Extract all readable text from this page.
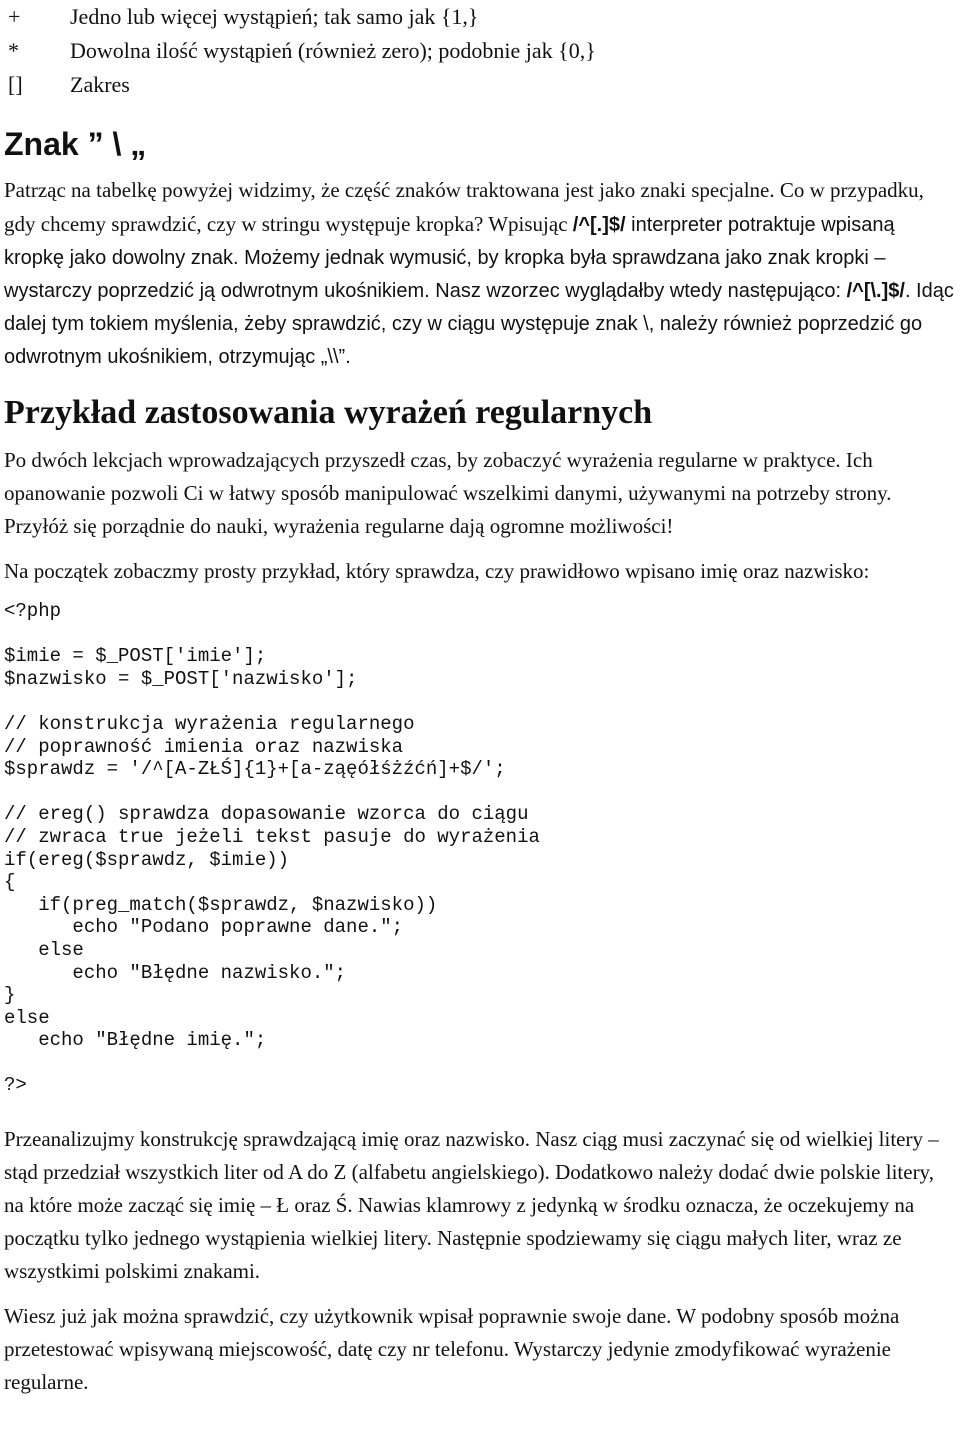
+	Jedno lub więcej wystąpień; tak samo jak {1,}
*	Dowolna ilość wystąpień (również zero); podobnie jak {0,}
[]	Zakres
Znak ” \ „

Patrząc na tabelkę powyżej widzimy, że część znaków traktowana jest jako znaki specjalne. Co w przypadku, gdy chcemy sprawdzić, czy w stringu występuje kropka? Wpisując /^[.]$/ interpreter potraktuje wpisaną kropkę jako dowolny znak. Możemy jednak wymusić, by kropka była sprawdzana jako znak kropki – wystarczy poprzedzić ją odwrotnym ukośnikiem. Nasz wzorzec wyglądałby wtedy następująco: /^[\.]$/. Idąc dalej tym tokiem myślenia, żeby sprawdzić, czy w ciągu występuje znak \, należy również poprzedzić go odwrotnym ukośnikiem, otrzymując „\\”.

Przykład zastosowania wyrażeń regularnych

Po dwóch lekcjach wprowadzających przyszedł czas, by zobaczyć wyrażenia regularne w praktyce. Ich opanowanie pozwoli Ci w łatwy sposób manipulować wszelkimi danymi, używanymi na potrzeby strony. Przyłóż się porządnie do nauki, wyrażenia regularne dają ogromne możliwości!

Na początek zobaczmy prosty przykład, który sprawdza, czy prawidłowo wpisano imię oraz nazwisko:

<?php
$imie = $_POST['imie'];
$nazwisko = $_POST['nazwisko'];
// konstrukcja wyrażenia regularnego
// poprawność imienia oraz nazwiska
$sprawdz = '/^[A-ZŁŚ]{1}+[a-ząęółśżźćń]+$/';
// ereg() sprawdza dopasowanie wzorca do ciągu
// zwraca true jeżeli tekst pasuje do wyrażenia
if(ereg($sprawdz, $imie))
{
if(preg_match($sprawdz, $nazwisko))
echo "Podano poprawne dane.";
else
echo "Błędne nazwisko.";
}
else
echo "Błędne imię.";
?>

Przeanalizujmy konstrukcję sprawdzającą imię oraz nazwisko. Nasz ciąg musi zaczynać się od wielkiej litery – stąd przedział wszystkich liter od A do Z (alfabetu angielskiego). Dodatkowo należy dodać dwie polskie litery, na które może zacząć się imię – Ł oraz Ś. Nawias klamrowy z jedynką w środku oznacza, że oczekujemy na początku tylko jednego wystąpienia wielkiej litery. Następnie spodziewamy się ciągu małych liter, wraz ze wszystkimi polskimi znakami.

Wiesz już jak można sprawdzić, czy użytkownik wpisał poprawnie swoje dane. W podobny sposób można przetestować wpisywaną miejscowość, datę czy nr telefonu. Wystarczy jedynie zmodyfikować wyrażenie regularne.
